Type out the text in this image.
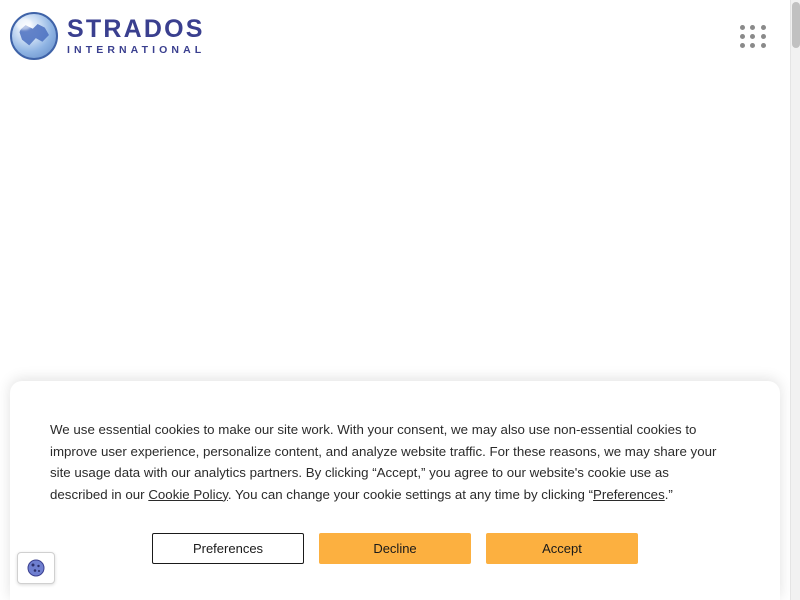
STRADOS
INTERNATIONAL
We use essential cookies to make our site work. With your consent, we may also use non-essential cookies to improve user experience, personalize content, and analyze website traffic. For these reasons, we may share your site usage data with our analytics partners. By clicking “Accept,” you agree to our website's cookie use as described in our Cookie Policy. You can change your cookie settings at any time by clicking “Preferences.”
Preferences	Decline	Accept
